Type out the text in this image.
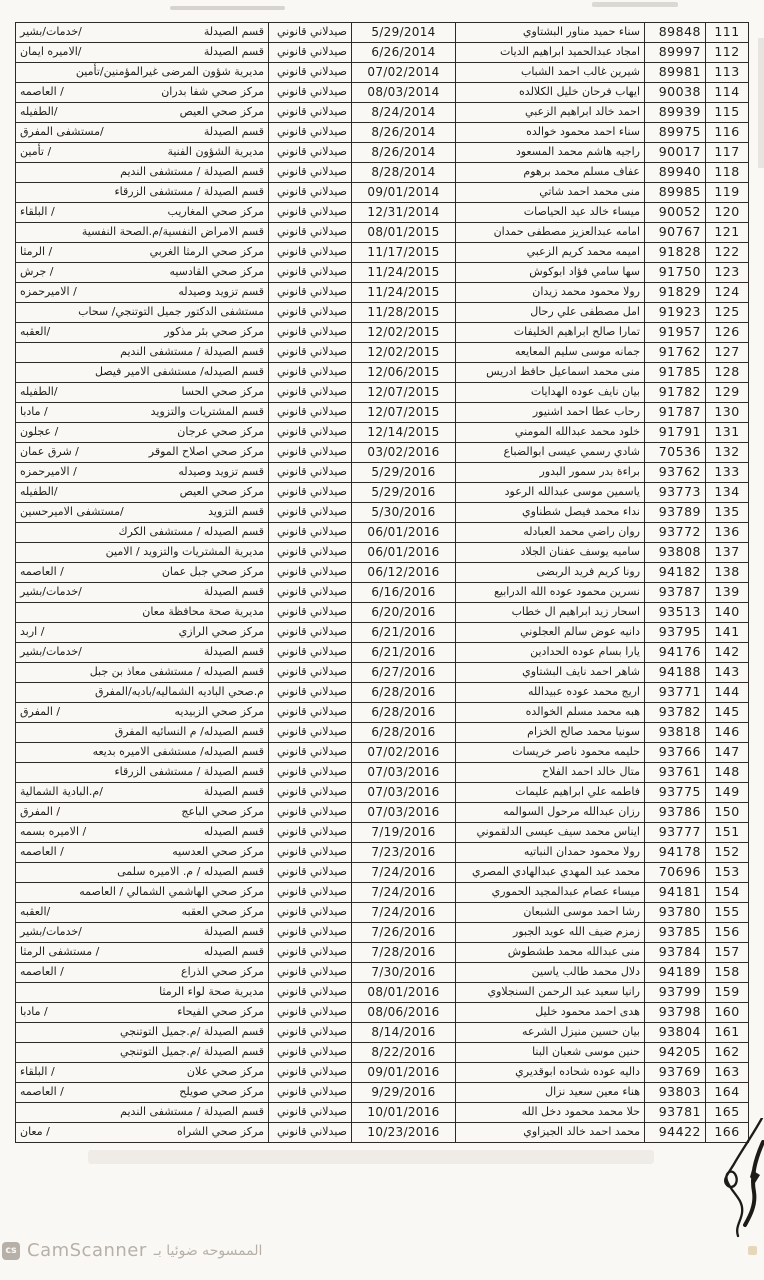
111	89848	سناء حميد مناور البشتاوي	5/29/2014	صيدلاني قانوني	قسم الصيدلة
/خدمات/بشير

112	89997	امجاد عبدالحميد ابراهيم الديات	6/26/2014	صيدلاني قانوني	قسم الصيدلة
/الاميره ايمان

113	89981	شيرين غالب احمد الشباب	07/02/2014	صيدلاني قانوني	مديرية شؤون المرضى غيرالمؤمنين/تأمين

114	90038	ايهاب فرحان خليل الكلالده	08/03/2014	صيدلاني قانوني	مركز صحي شفا بدران
/ العاصمه

115	89939	احمد خالد ابراهيم الزعبي	8/24/2014	صيدلاني قانوني	مركز صحي العيص
/الطفيله

116	89975	سناء احمد محمود خوالده	8/26/2014	صيدلاني قانوني	قسم الصيدلة
/مستشفى المفرق

117	90017	راجيه هاشم محمد المسعود	8/26/2014	صيدلاني قانوني	مديرية الشؤون الفنية
/ تأمين

118	89940	عفاف مسلم محمد برهوم	8/28/2014	صيدلاني قانوني	قسم الصيدلة / مستشفى النديم

119	89985	منى محمد احمد شاتي	09/01/2014	صيدلاني قانوني	قسم الصيدلة / مستشفى الزرقاء

120	90052	ميساء خالد عيد الحياصات	12/31/2014	صيدلاني قانوني	مركز صحي المغاريب
/ البلقاء

121	90767	امامه عبدالعزيز مصطفى حمدان	08/01/2015	صيدلاني قانوني	قسم الامراض النفسية/م.الصحة النفسية

122	91828	اميمه محمد كريم الزعبي	11/17/2015	صيدلاني قانوني	مركز صحي الرمثا الغربي
/ الرمثا

123	91750	سها سامي فؤاد ابوكوش	11/24/2015	صيدلاني قانوني	مركز صحي القادسيه
/ جرش

124	91829	رولا محمود محمد زيدان	11/24/2015	صيدلاني قانوني	قسم تزويد وصيدله
/ الاميرحمزه

125	91923	امل مصطفى علي رحال	11/28/2015	صيدلاني قانوني	مستشفى الدكتور جميل التوتنجي/ سحاب

126	91957	تمارا صالح ابراهيم الخليفات	12/02/2015	صيدلاني قانوني	مركز صحي بئر مذكور
/العقبه

127	91762	جمانه موسى سليم المعايعه	12/02/2015	صيدلاني قانوني	قسم الصيدلة / مستشفى النديم

128	91785	منى محمد اسماعيل حافظ ادريس	12/06/2015	صيدلاني قانوني	قسم الصيدله/ مستشفى الامير فيصل

129	91782	بيان نايف عوده الهدايات	12/07/2015	صيدلاني قانوني	مركز صحي الحسا
/الطفيله

130	91787	رحاب عطا احمد اشنيور	12/07/2015	صيدلاني قانوني	قسم المشتريات والتزويد
/ مادبا

131	91791	خلود محمد عبدالله المومني	12/14/2015	صيدلاني قانوني	مركز صحي عرجان
/ عجلون

132	70536	شادي رسمي عيسى ابوالضباع	03/02/2016	صيدلاني قانوني	مركز صحي اصلاح الموقر
/ شرق عمان

133	93762	براءة بدر سمور البدور	5/29/2016	صيدلاني قانوني	قسم تزويد وصيدله
/ الاميرحمزه

134	93773	ياسمين موسى عبدالله الرعود	5/29/2016	صيدلاني قانوني	مركز صحي العيص
/الطفيله

135	93789	نداء محمد فيصل شطناوي	5/30/2016	صيدلاني قانوني	قسم التزويد
/مستشفى الاميرحسين

136	93772	روان راضي محمد العبادله	06/01/2016	صيدلاني قانوني	قسم الصيدله / مستشفى الكرك

137	93808	ساميه يوسف عفنان الجلاد	06/01/2016	صيدلاني قانوني	مديرية المشتريات والتزويد / الامين

138	94182	رونا كريم فريد الربضى	06/12/2016	صيدلاني قانوني	مركز صحي جبل عمان
/ العاصمه

139	93787	نسرين محمود عوده الله الدرابيع	6/16/2016	صيدلاني قانوني	قسم الصيدلة
/خدمات/بشير

140	93513	اسحار زيد ابراهيم ال خطاب	6/20/2016	صيدلاني قانوني	مديرية صحة محافظة معان

141	93795	دانيه عوض سالم العجلوني	6/21/2016	صيدلاني قانوني	مركز صحي الرازي
/ اربد

142	94176	يارا بسام عوده الحدادين	6/21/2016	صيدلاني قانوني	قسم الصيدلة
/خدمات/بشير

143	94188	شاهر احمد نايف البشتاوي	6/27/2016	صيدلاني قانوني	قسم الصيدله / مستشفى معاذ بن جبل

144	93771	اريج محمد عوده عبيدالله	6/28/2016	صيدلاني قانوني	م.صحي الباديه الشماليه/باديه/المفرق

145	93782	هبه محمد مسلم الخوالده	6/28/2016	صيدلاني قانوني	مركز صحي الزبيديه
/ المفرق

146	93818	سونيا محمد صالح الخزام	6/28/2016	صيدلاني قانوني	قسم الصيدله/ م النسائيه المفرق

147	93766	حليمه محمود ناصر خريسات	07/02/2016	صيدلاني قانوني	قسم الصيدله/ مستشفى الاميره بديعه

148	93761	متال خالد احمد الفلاح	07/03/2016	صيدلاني قانوني	قسم الصيدلة / مستشفى الزرقاء

149	93775	فاطمه علي ابراهيم عليمات	07/03/2016	صيدلاني قانوني	قسم الصيدلة
/م.البادية الشمالية

150	93786	رزان عبدالله مرحول السوالمه	07/03/2016	صيدلاني قانوني	مركز صحي الباعج
/ المفرق

151	93777	ايناس محمد سيف عيسى الدلقموني	7/19/2016	صيدلاني قانوني	قسم الصيدله
/ الاميره بسمه

152	94178	رولا محمود حمدان النباتيه	7/23/2016	صيدلاني قانوني	مركز صحي العدسيه
/ العاصمه

153	70696	محمد عبد المهدي عبدالهادي المصري	7/24/2016	صيدلاني قانوني	قسم الصيدله / م. الاميره سلمى

154	94181	ميساء عصام عبدالمجيد الحموري	7/24/2016	صيدلاني قانوني	مركز صحي الهاشمي الشمالي / العاصمه

155	93780	رشا احمد موسى الشبعان	7/24/2016	صيدلاني قانوني	مركز صحي العقبه
/العقبه

156	93785	زمزم ضيف الله عويد الجبور	7/26/2016	صيدلاني قانوني	قسم الصيدلة
/خدمات/بشير

157	93784	منى عبدالله محمد طشطوش	7/28/2016	صيدلاني قانوني	قسم الصيدله
/ مستشفى الرمثا

158	94189	دلال محمد طالب ياسين	7/30/2016	صيدلاني قانوني	مركز صحي الذراع
/ العاصمه

159	93799	رانيا سعيد عبد الرحمن السنجلاوي	08/01/2016	صيدلاني قانوني	مديرية صحة لواء الرمثا

160	93798	هدى احمد محمود خليل	08/06/2016	صيدلاني قانوني	مركز صحي الفيحاء
/ مادبا

161	93804	بيان حسين منيزل الشرعه	8/14/2016	صيدلاني قانوني	قسم الصيدلة /م.جميل التوتنجي

162	94205	حنين موسى شعبان البنا	8/22/2016	صيدلاني قانوني	قسم الصيدلة /م.جميل التوتنجي

163	93769	داليه عوده شحاده ابوقديري	09/01/2016	صيدلاني قانوني	مركز صحي علان
/ البلقاء

164	93803	هناء معين سعيد نزال	9/29/2016	صيدلاني قانوني	مركز صحي صويلح
/ العاصمه

165	93781	حلا محمد محمود دخل الله	10/01/2016	صيدلاني قانوني	قسم الصيدلة / مستشفى النديم

166	94422	محمد احمد خالد الجيزاوي	10/23/2016	صيدلاني قانوني	مركز صحي الشراه
/ معان
cs CamScanner الممسوحه ضوئيا بـ
